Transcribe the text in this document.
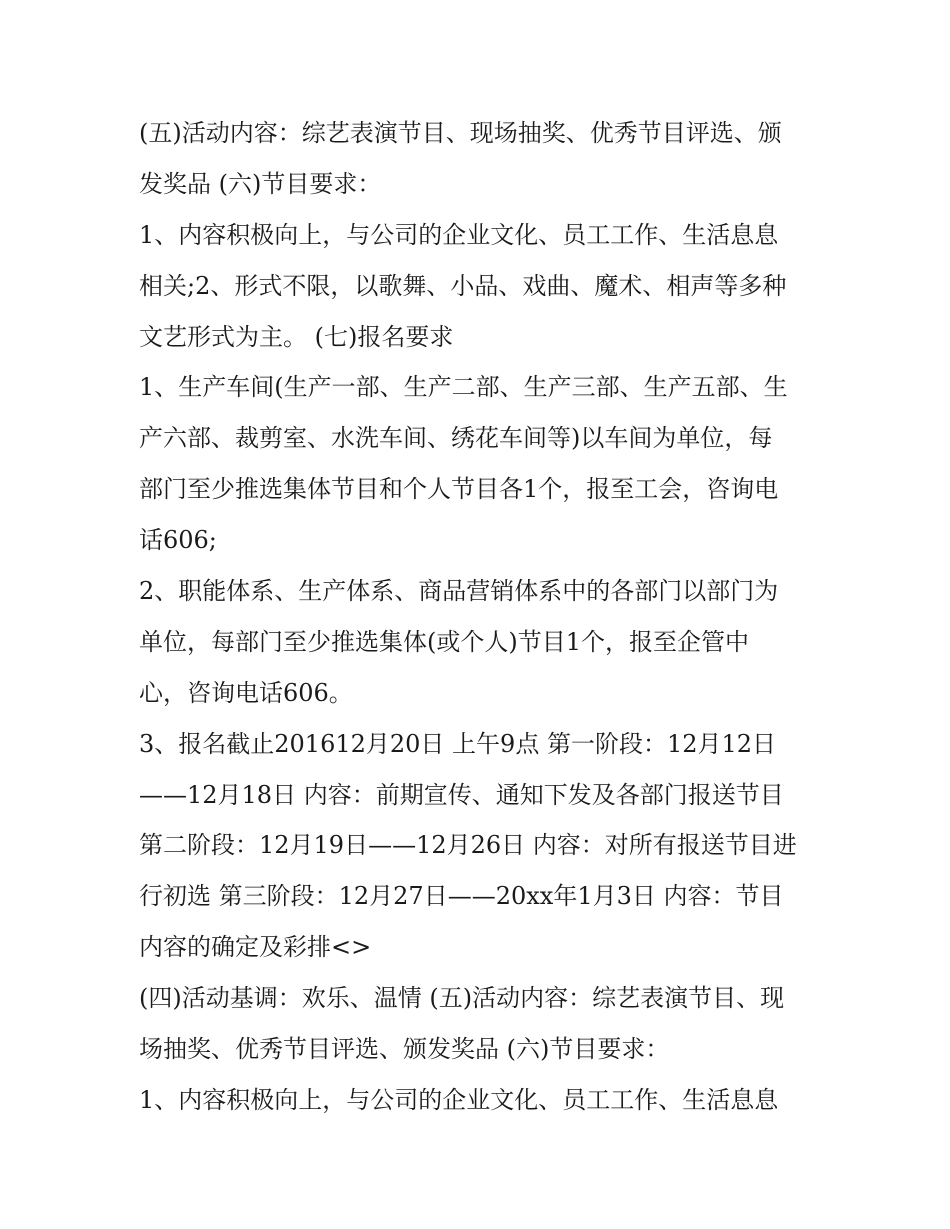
(五)活动内容：综艺表演节目、现场抽奖、优秀节目评选、颁
发奖品 (六)节目要求：
1、内容积极向上，与公司的企业文化、员工工作、生活息息
相关;2、形式不限，以歌舞、小品、戏曲、魔术、相声等多种
文艺形式为主。 (七)报名要求
1、生产车间(生产一部、生产二部、生产三部、生产五部、生
产六部、裁剪室、水洗车间、绣花车间等)以车间为单位，每
部门至少推选集体节目和个人节目各1个，报至工会，咨询电
话606;
2、职能体系、生产体系、商品营销体系中的各部门以部门为
单位，每部门至少推选集体(或个人)节目1个，报至企管中
心，咨询电话606。
3、报名截止201612月20日 上午9点 第一阶段：12月12日
——12月18日 内容：前期宣传、通知下发及各部门报送节目
第二阶段：12月19日——12月26日 内容：对所有报送节目进
行初选 第三阶段：12月27日——20xx年1月3日 内容：节目
内容的确定及彩排<>
(四)活动基调：欢乐、温情 (五)活动内容：综艺表演节目、现
场抽奖、优秀节目评选、颁发奖品 (六)节目要求：
1、内容积极向上，与公司的企业文化、员工工作、生活息息
